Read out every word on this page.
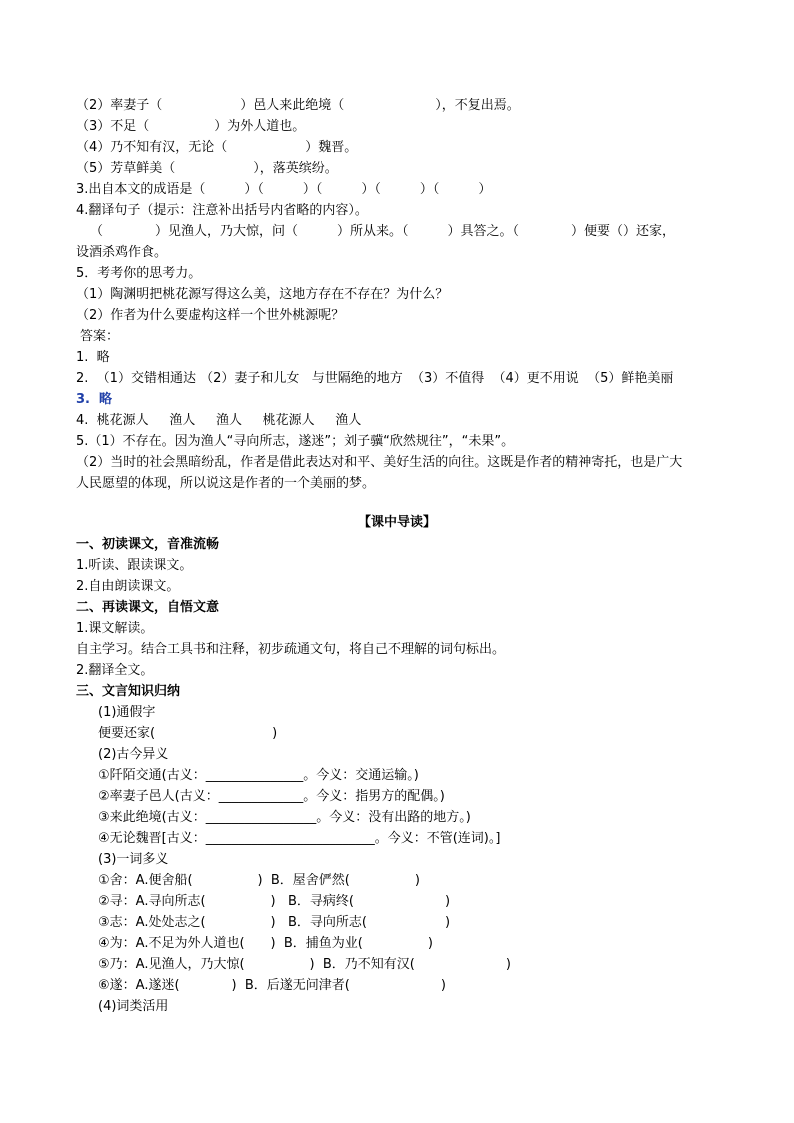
（2）率妻子（　　　　　　）邑人来此绝境（　　　　　　　），不复出焉。
（3）不足（　　　　　）为外人道也。
（4）乃不知有汉，无论（　　　　　　）魏晋。
（5）芳草鲜美（　　　　　　），落英缤纷。
3.出自本文的成语是（　　　）（　　　）（　　　）（　　　）（　　　）
4.翻译句子（提示：注意补出括号内省略的内容）。
（　　　　）见渔人，乃大惊，问（　　　）所从来。（　　　）具答之。（　　　　）便要（）还家，
设酒杀鸡作食。
5．考考你的思考力。
（1）陶渊明把桃花源写得这么美，这地方存在不存在？为什么？
（2）作者为什么要虚构这样一个世外桃源呢？
答案：
1.  略
2.  （1）交错相通达 （2）妻子和儿女   与世隔绝的地方  （3）不值得  （4）更不用说  （5）鲜艳美丽
3.  略
4.  桃花源人     渔人     渔人     桃花源人     渔人
5.（1）不存在。因为渔人“寻向所志，遂迷”；刘子骥“欣然规往”，“未果”。
（2）当时的社会黑暗纷乱，作者是借此表达对和平、美好生活的向往。这既是作者的精神寄托，也是广大
人民愿望的体现，所以说这是作者的一个美丽的梦。
【课中导读】
一、初读课文，音准流畅
1.听读、跟读课文。
2.自由朗读课文。
二、再读课文，自悟文意
1.课文解读。
自主学习。结合工具书和注释，初步疏通文句，将自己不理解的词句标出。
2.翻译全文。
三、文言知识归纳
(1)通假字
便要还家(　　　　　　　　　)
(2)古今异义
①阡陌交通(古义：_______________。今义：交通运输。)
②率妻子邑人(古义：_____________。今义：指男方的配偶。)
③来此绝境(古义：_________________。今义：没有出路的地方。)
④无论魏晋[古义：__________________________。今义：不管(连词)。]
(3)一词多义
①舍：A.便舍船(　　　　　)  B．屋舍俨然(　　　　　)
②寻：A.寻向所志(　　　　　)   B．寻病终(　　　　　　　)
③志：A.处处志之(　　　　　)   B．寻向所志(　　　　　　)
④为：A.不足为外人道也(　　)  B．捕鱼为业(　　　　　)
⑤乃：A.见渔人，乃大惊(　　　　　)  B．乃不知有汉(　　　　　　　)
⑥遂：A.遂迷(　　　　)  B．后遂无问津者(　　　　　　　)
(4)词类活用
